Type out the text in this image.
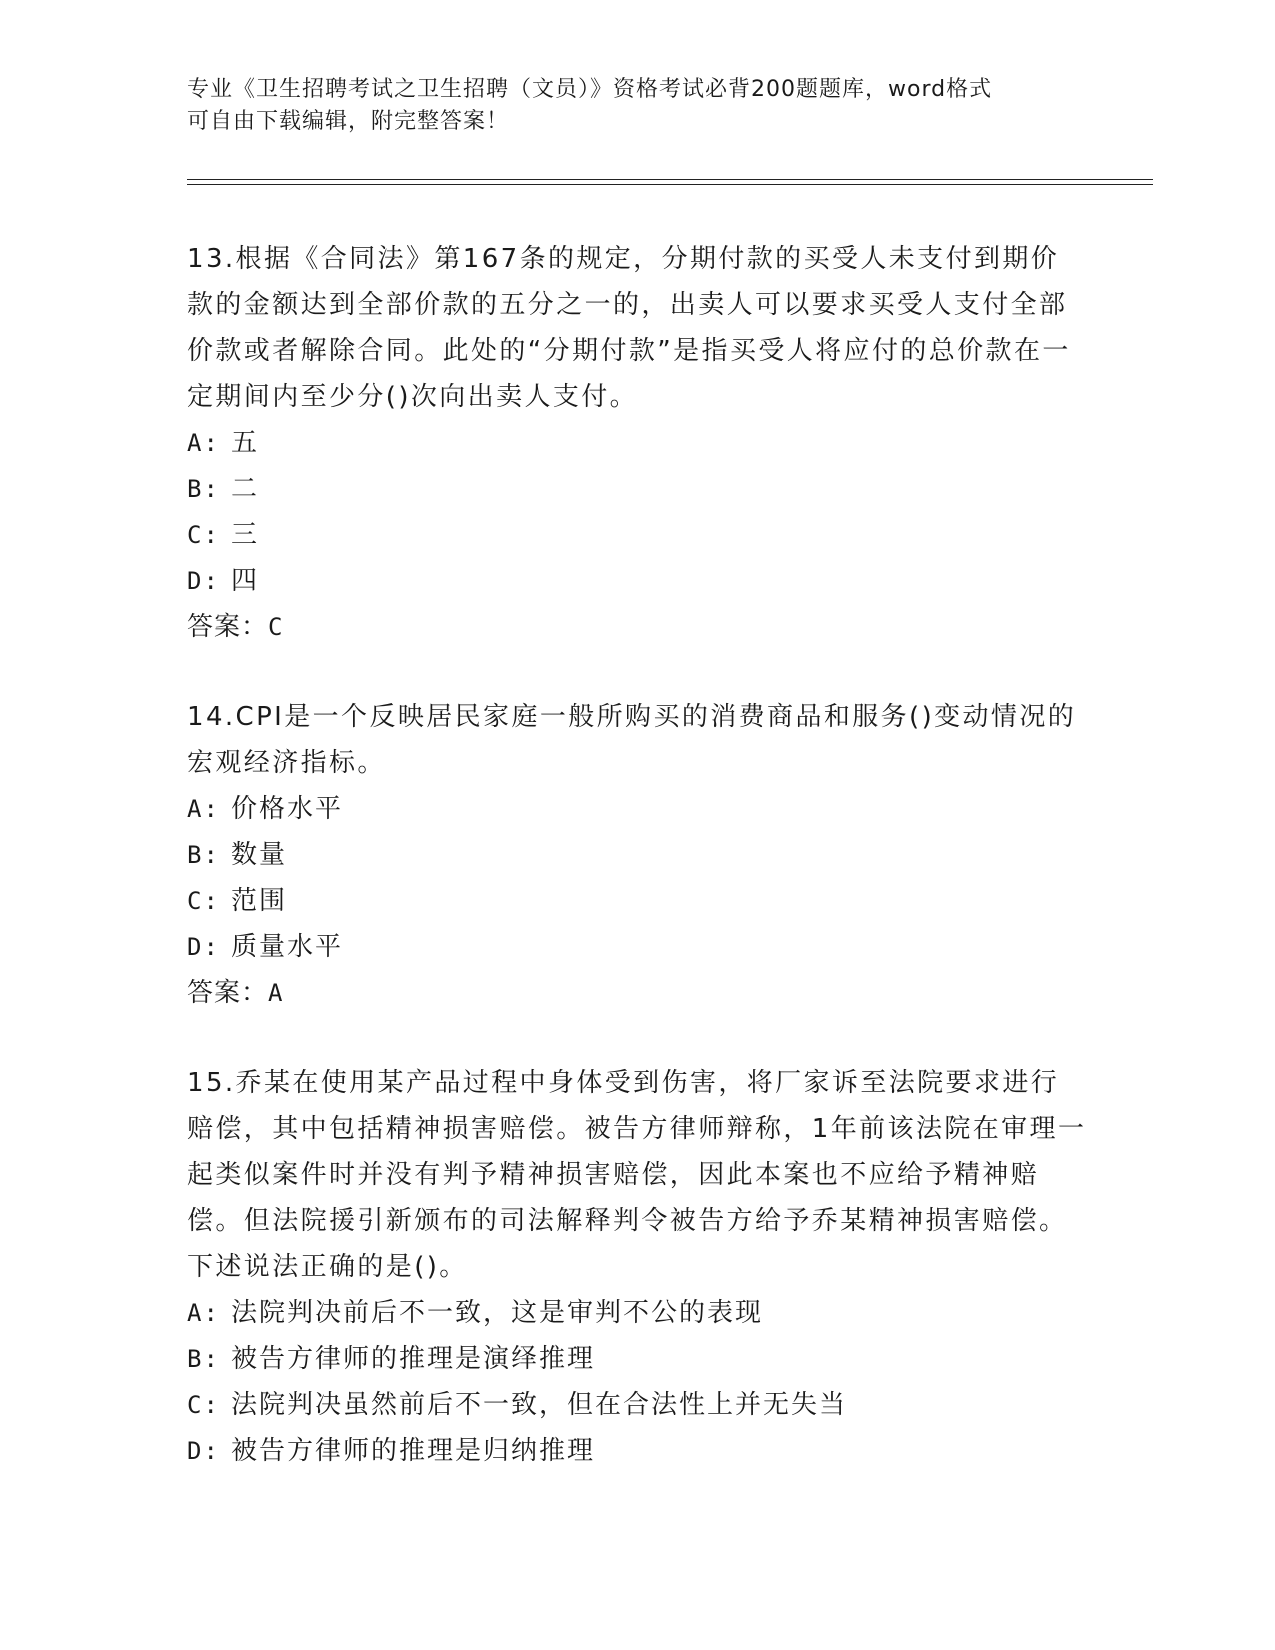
专业《卫生招聘考试之卫生招聘（文员）》资格考试必背200题题库，word格式

可自由下载编辑，附完整答案！

13.根据《合同法》第167条的规定，分期付款的买受人未支付到期价款的金额达到全部价款的五分之一的，出卖人可以要求买受人支付全部价款或者解除合同。此处的“分期付款”是指买受人将应付的总价款在一定期间内至少分()次向出卖人支付。

A: 五
B: 二
C: 三
D: 四

答案：C

14.CPI是一个反映居民家庭一般所购买的消费商品和服务()变动情况的宏观经济指标。

A: 价格水平
B: 数量
C: 范围
D: 质量水平

答案：A

15.乔某在使用某产品过程中身体受到伤害，将厂家诉至法院要求进行赔偿，其中包括精神损害赔偿。被告方律师辩称，1年前该法院在审理一起类似案件时并没有判予精神损害赔偿，因此本案也不应给予精神赔偿。但法院援引新颁布的司法解释判令被告方给予乔某精神损害赔偿。下述说法正确的是()。

A: 法院判决前后不一致，这是审判不公的表现
B: 被告方律师的推理是演绎推理
C: 法院判决虽然前后不一致，但在合法性上并无失当
D: 被告方律师的推理是归纳推理
